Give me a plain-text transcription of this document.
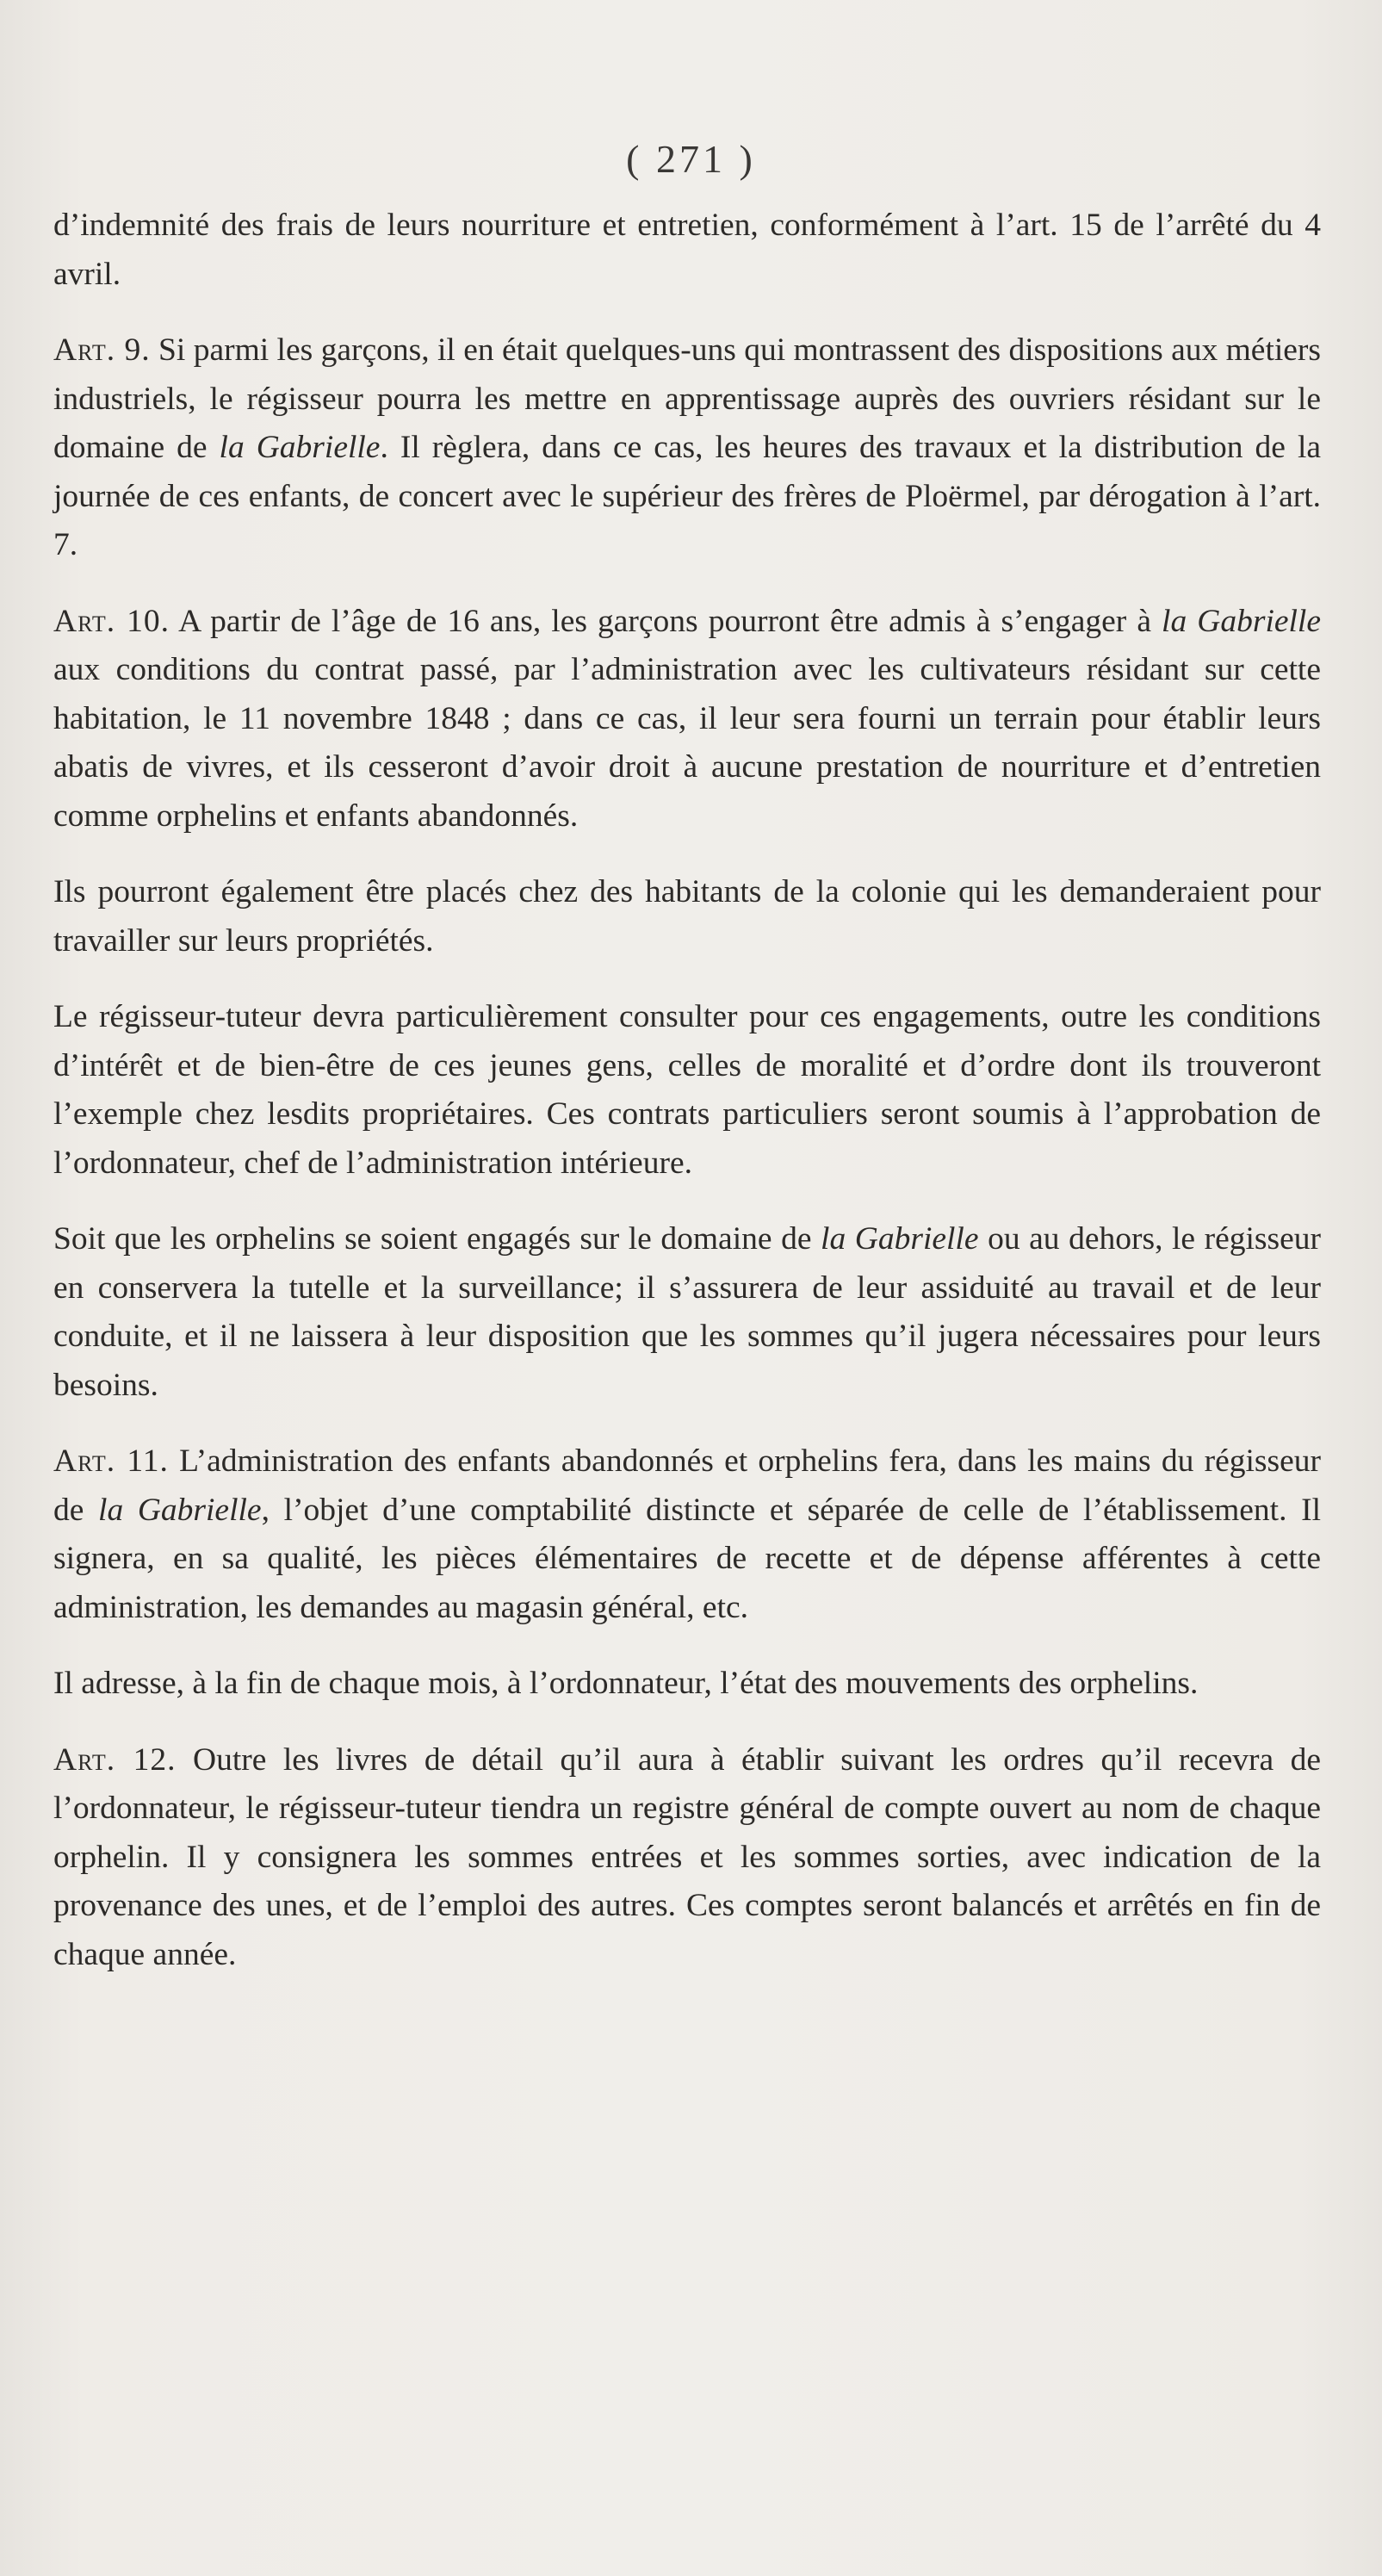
( 271 )

d’indemnité des frais de leurs nourriture et entretien, conformément à l’art. 15 de l’arrêté du 4 avril.

Art. 9. Si parmi les garçons, il en était quelques-uns qui montrassent des dispositions aux métiers industriels, le régisseur pourra les mettre en apprentissage auprès des ouvriers résidant sur le domaine de la Gabrielle. Il règlera, dans ce cas, les heures des travaux et la distribution de la journée de ces enfants, de concert avec le supérieur des frères de Ploërmel, par dérogation à l’art. 7.

Art. 10. A partir de l’âge de 16 ans, les garçons pourront être admis à s’engager à la Gabrielle aux conditions du contrat passé, par l’administration avec les cultivateurs résidant sur cette habitation, le 11 novembre 1848 ; dans ce cas, il leur sera fourni un terrain pour établir leurs abatis de vivres, et ils cesseront d’avoir droit à aucune prestation de nourriture et d’entretien comme orphelins et enfants abandonnés.

Ils pourront également être placés chez des habitants de la colonie qui les demanderaient pour travailler sur leurs propriétés.

Le régisseur-tuteur devra particulièrement consulter pour ces engagements, outre les conditions d’intérêt et de bien-être de ces jeunes gens, celles de moralité et d’ordre dont ils trouveront l’exemple chez lesdits propriétaires. Ces contrats particuliers seront soumis à l’approbation de l’ordonnateur, chef de l’administration intérieure.

Soit que les orphelins se soient engagés sur le domaine de la Gabrielle ou au dehors, le régisseur en conservera la tutelle et la surveillance; il s’assurera de leur assiduité au travail et de leur conduite, et il ne laissera à leur disposition que les sommes qu’il jugera nécessaires pour leurs besoins.

Art. 11. L’administration des enfants abandonnés et orphelins fera, dans les mains du régisseur de la Gabrielle, l’objet d’une comptabilité distincte et séparée de celle de l’établissement. Il signera, en sa qualité, les pièces élémentaires de recette et de dépense afférentes à cette administration, les demandes au magasin général, etc.

Il adresse, à la fin de chaque mois, à l’ordonnateur, l’état des mouvements des orphelins.

Art. 12. Outre les livres de détail qu’il aura à établir suivant les ordres qu’il recevra de l’ordonnateur, le régisseur-tuteur tiendra un registre général de compte ouvert au nom de chaque orphelin. Il y consignera les sommes entrées et les sommes sorties, avec indication de la provenance des unes, et de l’emploi des autres. Ces comptes seront balancés et arrêtés en fin de chaque année.
